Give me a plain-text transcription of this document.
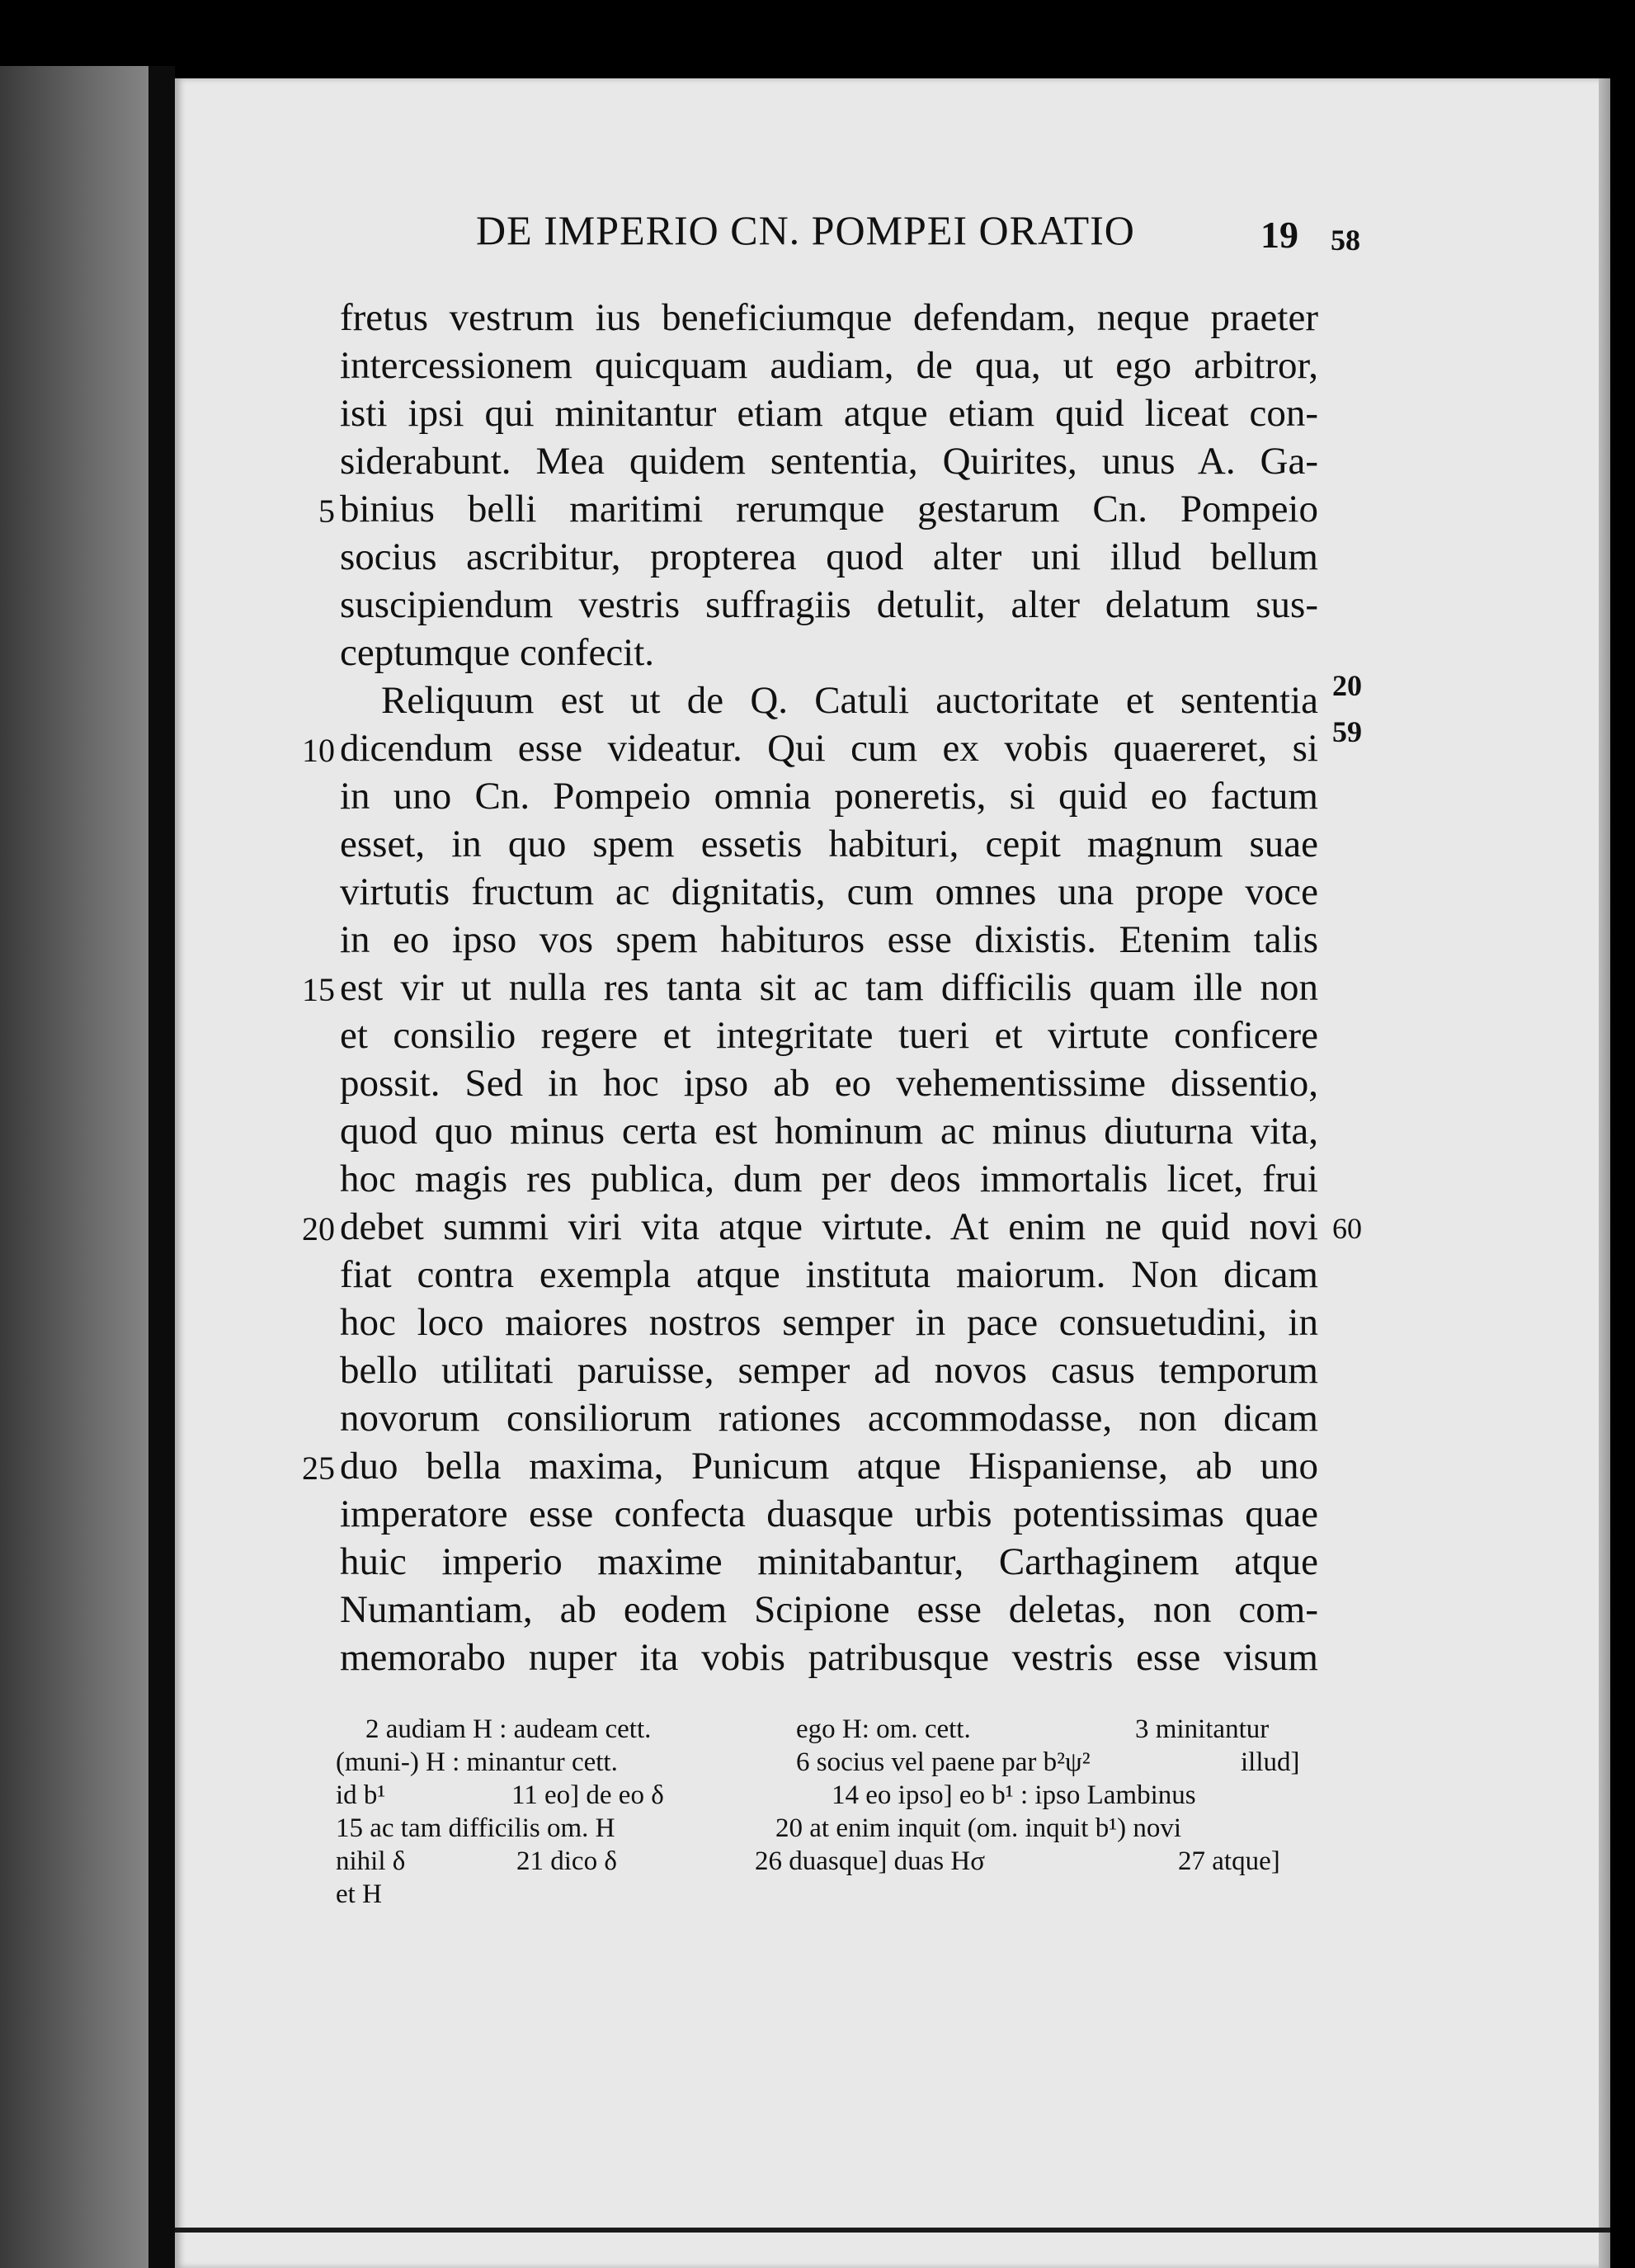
DE IMPERIO CN. POMPEI ORATIO	19 58
fretus vestrum ius beneficiumque defendam, neque praeter
intercessionem quicquam audiam, de qua, ut ego arbitror,
isti ipsi qui minitantur etiam atque etiam quid liceat con-
siderabunt. Mea quidem sententia, Quirites, unus A. Ga-
binius belli maritimi rerumque gestarum Cn. Pompeio
socius ascribitur, propterea quod alter uni illud bellum
suscipiendum vestris suffragiis detulit, alter delatum sus-
ceptumque confecit.
Reliquum est ut de Q. Catuli auctoritate et sententia
dicendum esse videatur. Qui cum ex vobis quaereret, si
in uno Cn. Pompeio omnia poneretis, si quid eo factum
esset, in quo spem essetis habituri, cepit magnum suae
virtutis fructum ac dignitatis, cum omnes una prope voce
in eo ipso vos spem habituros esse dixistis. Etenim talis
est vir ut nulla res tanta sit ac tam difficilis quam ille non
et consilio regere et integritate tueri et virtute conficere
possit. Sed in hoc ipso ab eo vehementissime dissentio,
quod quo minus certa est hominum ac minus diuturna vita,
hoc magis res publica, dum per deos immortalis licet, frui
debet summi viri vita atque virtute. At enim ne quid novi
fiat contra exempla atque instituta maiorum. Non dicam
hoc loco maiores nostros semper in pace consuetudini, in
bello utilitati paruisse, semper ad novos casus temporum
novorum consiliorum rationes accommodasse, non dicam
duo bella maxima, Punicum atque Hispaniense, ab uno
imperatore esse confecta duasque urbis potentissimas quae
huic imperio maxime minitabantur, Carthaginem atque
Numantiam, ab eodem Scipione esse deletas, non com-
memorabo nuper ita vobis patribusque vestris esse visum
5
10
15
20
25
20
59
60
2 audiam H : audeam cett.	ego H: om. cett.	3 minitantur
(muni-) H : minantur cett.	6 socius vel paene par b²ψ²	illud]
id b¹	11 eo] de eo δ	14 eo ipso] eo b¹ : ipso Lambinus
15 ac tam difficilis om. H	20 at enim inquit (om. inquit b¹) novi
nihil δ	21 dico δ	26 duasque] duas Hσ	27 atque]
et H
